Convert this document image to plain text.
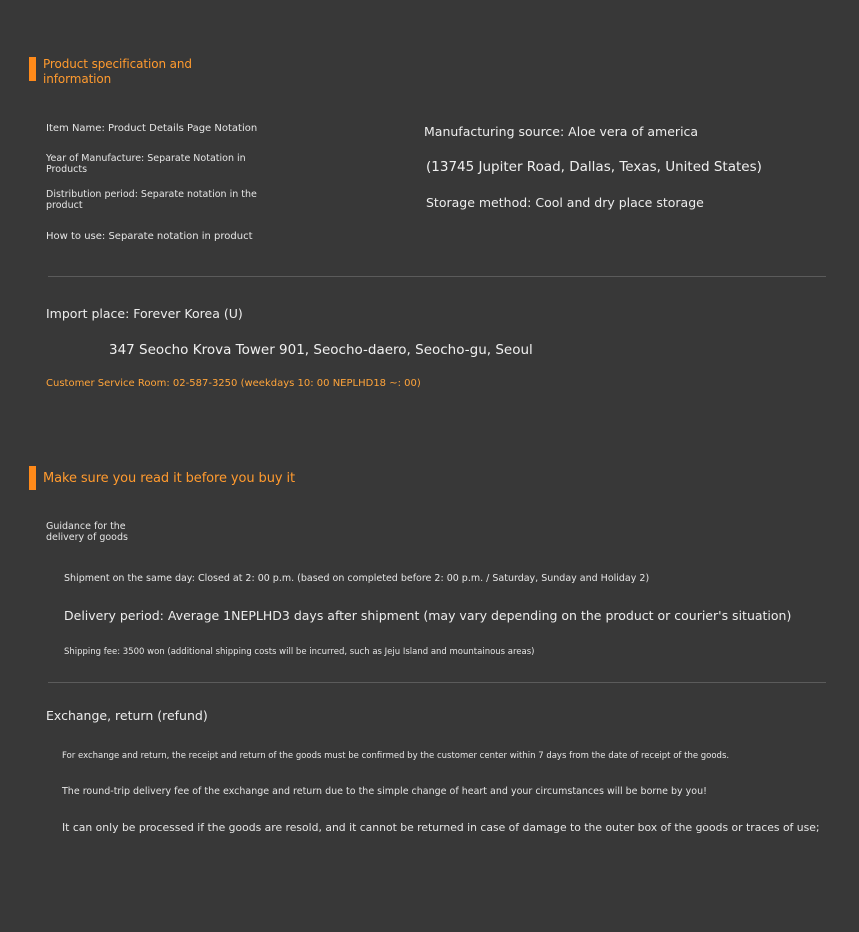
Product specification and
information
Item Name: Product Details Page Notation
Year of Manufacture: Separate Notation in
Products
Distribution period: Separate notation in the
product
How to use: Separate notation in product
Manufacturing source: Aloe vera of america
(13745 Jupiter Road, Dallas, Texas, United States)
Storage method: Cool and dry place storage
Import place: Forever Korea (U)
347 Seocho Krova Tower 901, Seocho-daero, Seocho-gu, Seoul
Customer Service Room: 02-587-3250 (weekdays 10: 00 NEPLHD18 ~: 00)
Make sure you read it before you buy it
Guidance for the
delivery of goods
Shipment on the same day: Closed at 2: 00 p.m. (based on completed before 2: 00 p.m. / Saturday, Sunday and Holiday 2)
Delivery period: Average 1NEPLHD3 days after shipment (may vary depending on the product or courier's situation)
Shipping fee: 3500 won (additional shipping costs will be incurred, such as Jeju Island and mountainous areas)
Exchange, return (refund)
For exchange and return, the receipt and return of the goods must be confirmed by the customer center within 7 days from the date of receipt of the goods.
The round-trip delivery fee of the exchange and return due to the simple change of heart and your circumstances will be borne by you!
It can only be processed if the goods are resold, and it cannot be returned in case of damage to the outer box of the goods or traces of use;
